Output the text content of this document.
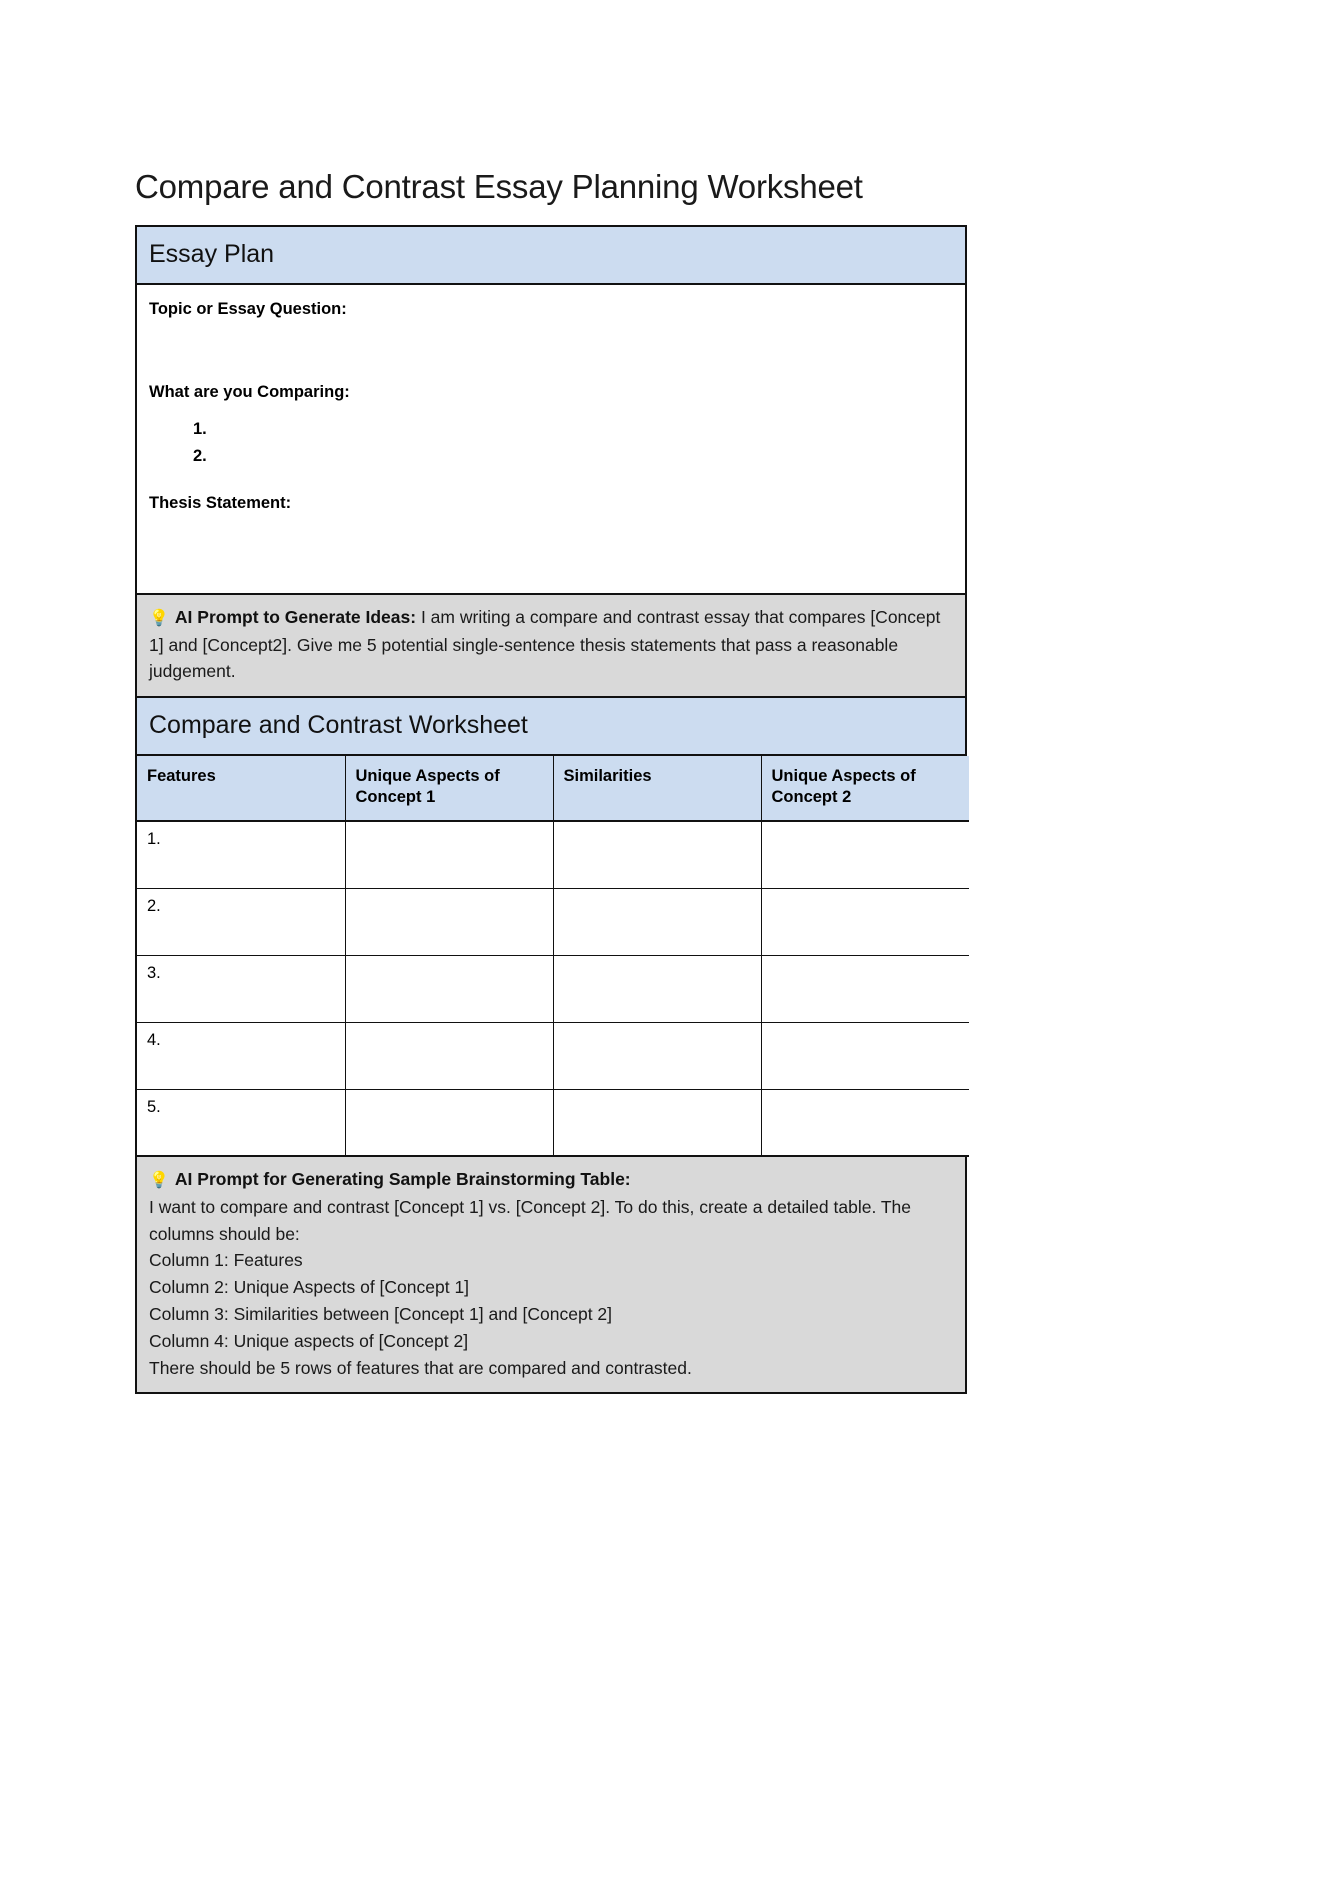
Compare and Contrast Essay Planning Worksheet
Essay Plan

Topic or Essay Question:

What are you Comparing:

1.
2.

Thesis Statement:

💡 AI Prompt to Generate Ideas: I am writing a compare and contrast essay that compares [Concept 1] and [Concept2]. Give me 5 potential single-sentence thesis statements that pass a reasonable judgement.
Compare and Contrast Worksheet
Features	Unique Aspects of Concept 1	Similarities	Unique Aspects of Concept 2
1.			
2.			
3.			
4.			
5.			
💡 AI Prompt for Generating Sample Brainstorming Table:
I want to compare and contrast [Concept 1] vs. [Concept 2]. To do this, create a detailed table. The columns should be:
Column 1: Features
Column 2: Unique Aspects of [Concept 1]
Column 3: Similarities between [Concept 1] and [Concept 2]
Column 4: Unique aspects of [Concept 2]
There should be 5 rows of features that are compared and contrasted.
